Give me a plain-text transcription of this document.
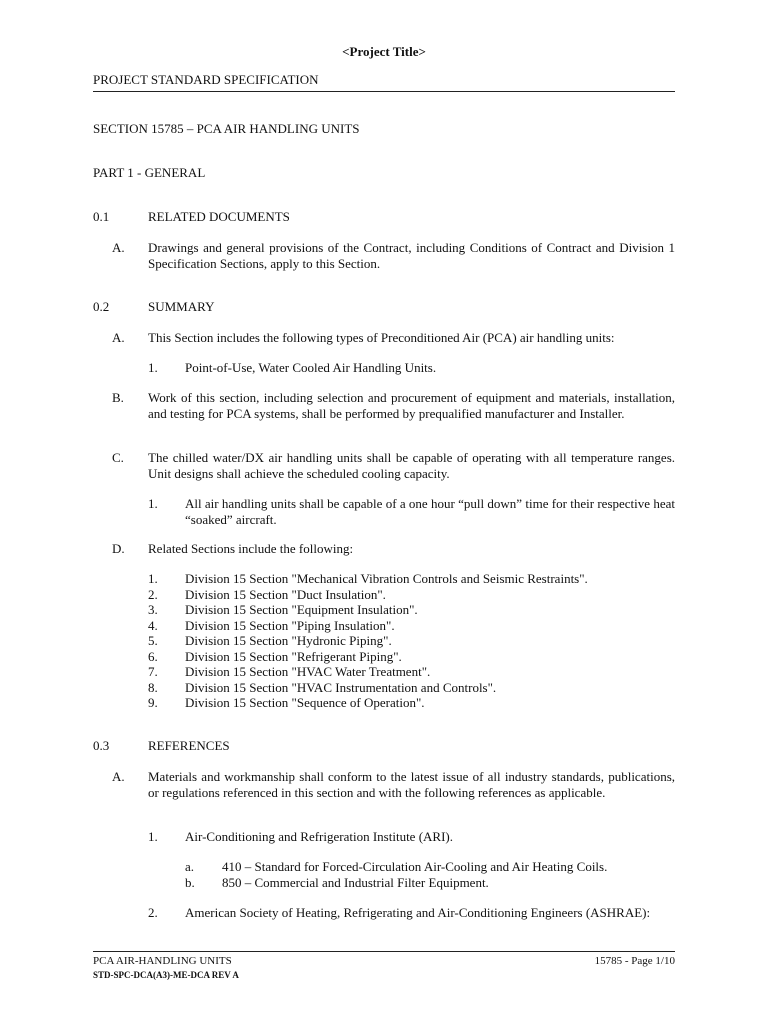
<Project Title>
PROJECT STANDARD SPECIFICATION
SECTION 15785 – PCA AIR HANDLING UNITS
PART 1 - GENERAL
0.1	RELATED DOCUMENTS
A. Drawings and general provisions of the Contract, including Conditions of Contract and Division 1 Specification Sections, apply to this Section.
0.2	SUMMARY
A. This Section includes the following types of Preconditioned Air (PCA) air handling units:
1. Point-of-Use, Water Cooled Air Handling Units.
B. Work of this section, including selection and procurement of equipment and materials, installation, and testing for PCA systems, shall be performed by prequalified manufacturer and Installer.
C. The chilled water/DX air handling units shall be capable of operating with all temperature ranges. Unit designs shall achieve the scheduled cooling capacity.
1. All air handling units shall be capable of a one hour “pull down” time for their respective heat “soaked” aircraft.
D. Related Sections include the following:
1. Division 15 Section "Mechanical Vibration Controls and Seismic Restraints".
2. Division 15 Section "Duct Insulation".
3. Division 15 Section "Equipment Insulation".
4. Division 15 Section "Piping Insulation".
5. Division 15 Section "Hydronic Piping".
6. Division 15 Section "Refrigerant Piping".
7. Division 15 Section "HVAC Water Treatment".
8. Division 15 Section "HVAC Instrumentation and Controls".
9. Division 15 Section "Sequence of Operation".
0.3	REFERENCES
A. Materials and workmanship shall conform to the latest issue of all industry standards, publications, or regulations referenced in this section and with the following references as applicable.
1. Air-Conditioning and Refrigeration Institute (ARI).
a. 410 – Standard for Forced-Circulation Air-Cooling and Air Heating Coils.
b. 850 – Commercial and Industrial Filter Equipment.
2. American Society of Heating, Refrigerating and Air-Conditioning Engineers (ASHRAE):
PCA AIR-HANDLING UNITS	15785 - Page 1/10
STD-SPC-DCA(A3)-ME-DCA REV A
